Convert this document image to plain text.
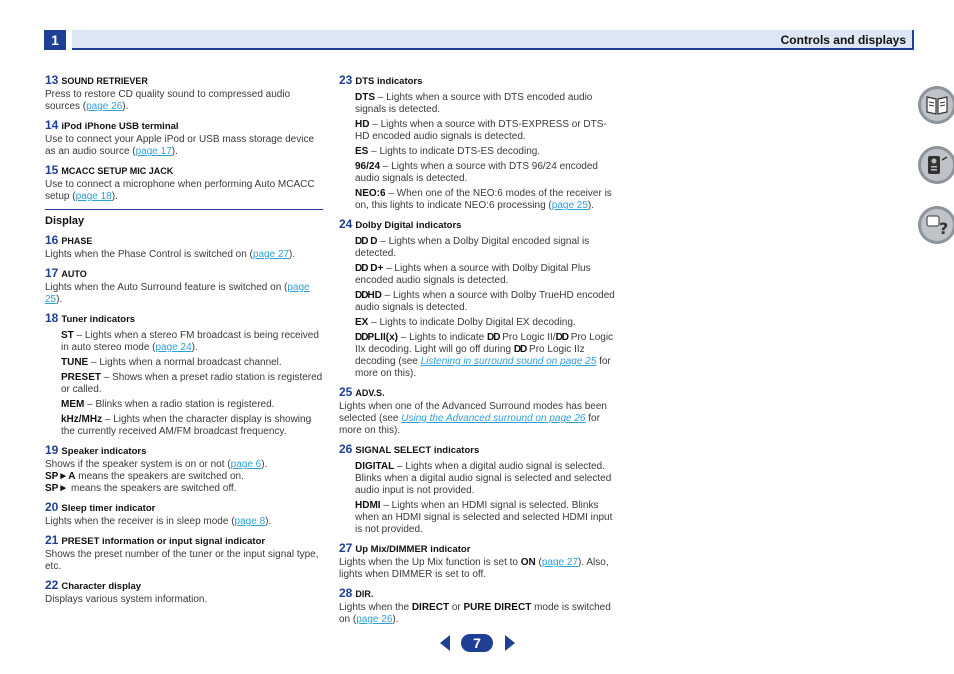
1	Controls and displays
13 SOUND RETRIEVER

Press to restore CD quality sound to compressed audio sources (page 26).

14 iPod iPhone USB terminal

Use to connect your Apple iPod or USB mass storage device as an audio source (page 17).

15 MCACC SETUP MIC JACK

Use to connect a microphone when performing Auto MCACC setup (page 18).

Display
16 PHASE

Lights when the Phase Control is switched on (page 27).

17 AUTO

Lights when the Auto Surround feature is switched on (page 25).

18 Tuner indicators
ST – Lights when a stereo FM broadcast is being received in auto stereo mode (page 24).
TUNE – Lights when a normal broadcast channel.
PRESET – Shows when a preset radio station is registered or called.
MEM – Blinks when a radio station is registered.
kHz/MHz – Lights when the character display is showing the currently received AM/FM broadcast frequency.
19 Speaker indicators

Shows if the speaker system is on or not (page 6).

SP►A means the speakers are switched on.

SP► means the speakers are switched off.

20 Sleep timer indicator

Lights when the receiver is in sleep mode (page 8).

21 PRESET information or input signal indicator

Shows the preset number of the tuner or the input signal type, etc.

22 Character display

Displays various system information.

23 DTS indicators
DTS – Lights when a source with DTS encoded audio signals is detected.
HD – Lights when a source with DTS-EXPRESS or DTS-HD encoded audio signals is detected.
ES – Lights to indicate DTS-ES decoding.
96/24 – Lights when a source with DTS 96/24 encoded audio signals is detected.
NEO:6 – When one of the NEO:6 modes of the receiver is on, this lights to indicate NEO:6 processing (page 25).
24 Dolby Digital indicators
DD D – Lights when a Dolby Digital encoded signal is detected.
DD D+ – Lights when a source with Dolby Digital Plus encoded audio signals is detected.
DDHD – Lights when a source with Dolby TrueHD encoded audio signals is detected.
EX – Lights to indicate Dolby Digital EX decoding.
DDPLII(x) – Lights to indicate DD Pro Logic II/DD Pro Logic IIx decoding. Light will go off during DD Pro Logic IIz decoding (see Listening in surround sound on page 25 for more on this).
25 ADV.S.

Lights when one of the Advanced Surround modes has been selected (see Using the Advanced surround on page 26 for more on this).

26 SIGNAL SELECT indicators
DIGITAL – Lights when a digital audio signal is selected. Blinks when a digital audio signal is selected and selected audio input is not provided.
HDMI – Lights when an HDMI signal is selected. Blinks when an HDMI signal is selected and selected HDMI input is not provided.
27 Up Mix/DIMMER indicator

Lights when the Up Mix function is set to ON (page 27). Also, lights when DIMMER is set to off.

28 DIR.

Lights when the DIRECT or PURE DIRECT mode is switched on (page 26).

?
7
